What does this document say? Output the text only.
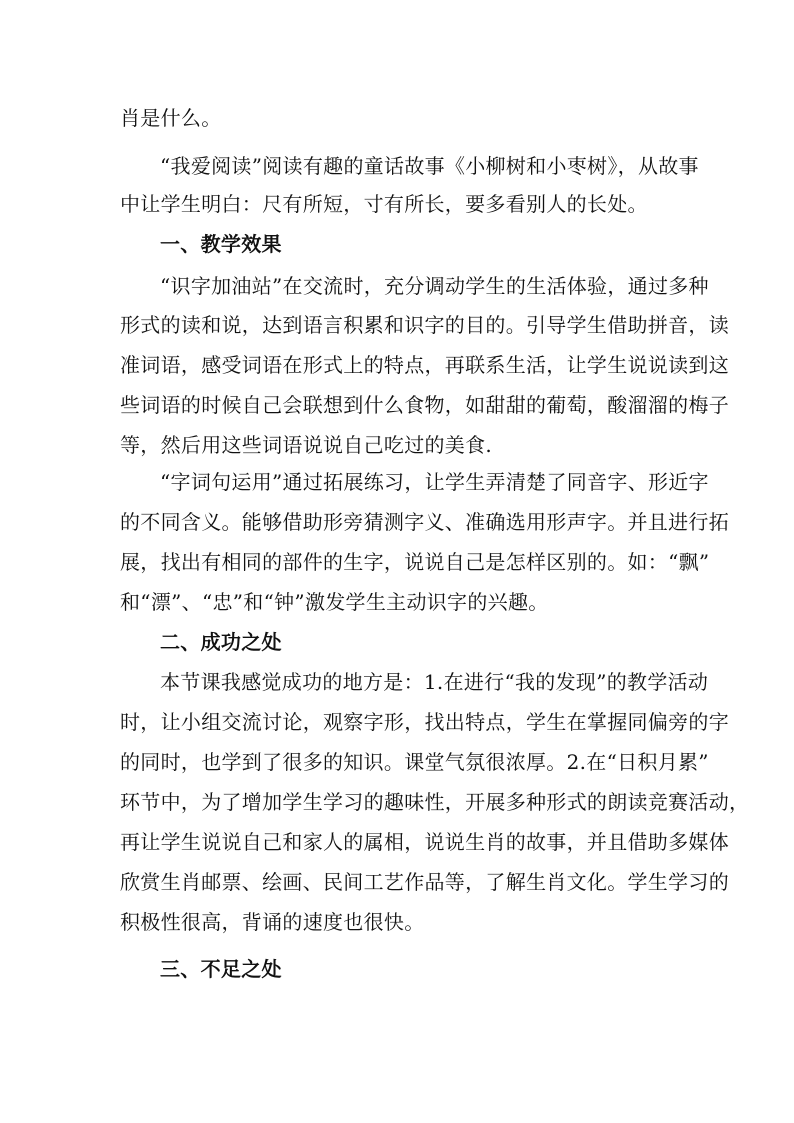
肖是什么。
“我爱阅读”阅读有趣的童话故事《小柳树和小枣树》，从故事
中让学生明白：尺有所短，寸有所长，要多看别人的长处。
一、教学效果
“识字加油站”在交流时，充分调动学生的生活体验，通过多种
形式的读和说，达到语言积累和识字的目的。引导学生借助拼音，读
准词语，感受词语在形式上的特点，再联系生活，让学生说说读到这
些词语的时候自己会联想到什么食物，如甜甜的葡萄，酸溜溜的梅子
等，然后用这些词语说说自己吃过的美食.
“字词句运用”通过拓展练习，让学生弄清楚了同音字、形近字
的不同含义。能够借助形旁猜测字义、准确选用形声字。并且进行拓
展，找出有相同的部件的生字，说说自己是怎样区别的。如：“飘”
和“漂”、“忠”和“钟”激发学生主动识字的兴趣。
二、成功之处
本节课我感觉成功的地方是：1.在进行“我的发现”的教学活动
时，让小组交流讨论，观察字形，找出特点，学生在掌握同偏旁的字
的同时，也学到了很多的知识。课堂气氛很浓厚。2.在“日积月累”
环节中，为了增加学生学习的趣味性，开展多种形式的朗读竞赛活动，
再让学生说说自己和家人的属相，说说生肖的故事，并且借助多媒体
欣赏生肖邮票、绘画、民间工艺作品等，了解生肖文化。学生学习的
积极性很高，背诵的速度也很快。
三、不足之处
